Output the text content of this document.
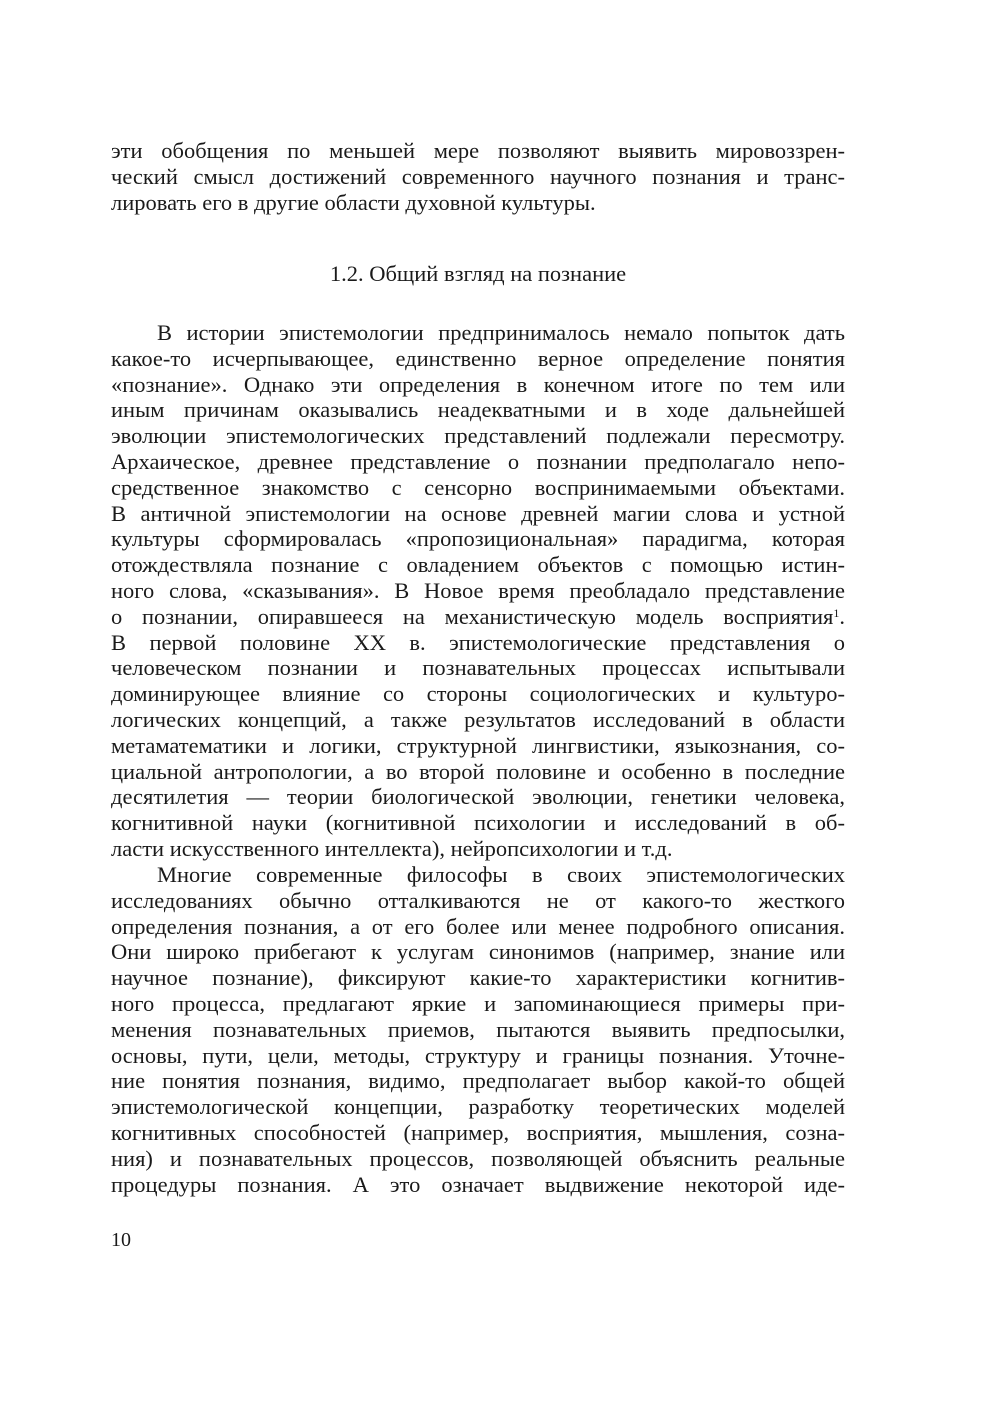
эти обобщения по меньшей мере позволяют выявить мировоззрен-
ческий смысл достижений современного научного познания и транс-
лировать его в другие области духовной культуры.
1.2. Общий взгляд на познание
В истории эпистемологии предпринималось немало попыток дать
какое-то исчерпывающее, единственно верное определение понятия
«познание». Однако эти определения в конечном итоге по тем или
иным причинам оказывались неадекватными и в ходе дальнейшей
эволюции эпистемологических представлений подлежали пересмотру.
Архаическое, древнее представление о познании предполагало непо-
средственное знакомство с сенсорно воспринимаемыми объектами.
В античной эпистемологии на основе древней магии слова и устной
культуры сформировалась «пропозициональная» парадигма, которая
отождествляла познание с овладением объектов с помощью истин-
ного слова, «сказывания». В Новое время преобладало представление
о познании, опиравшееся на механистическую модель восприятия$^1$.
В первой половине XX в. эпистемологические представления о
человеческом познании и познавательных процессах испытывали
доминирующее влияние со стороны социологических и культуро-
логических концепций, а также результатов исследований в области
метаматематики и логики, структурной лингвистики, языкознания, со-
циальной антропологии, а во второй половине и особенно в последние
десятилетия — теории биологической эволюции, генетики человека,
когнитивной науки (когнитивной психологии и исследований в об-
ласти искусственного интеллекта), нейропсихологии и т.д.
Многие современные философы в своих эпистемологических
исследованиях обычно отталкиваются не от какого-то жесткого
определения познания, а от его более или менее подробного описания.
Они широко прибегают к услугам синонимов (например, знание или
научное познание), фиксируют какие-то характеристики когнитив-
ного процесса, предлагают яркие и запоминающиеся примеры при-
менения познавательных приемов, пытаются выявить предпосылки,
основы, пути, цели, методы, структуру и границы познания. Уточне-
ние понятия познания, видимо, предполагает выбор какой-то общей
эпистемологической концепции, разработку теоретических моделей
когнитивных способностей (например, восприятия, мышления, созна-
ния) и познавательных процессов, позволяющей объяснить реальные
процедуры познания. А это означает выдвижение некоторой иде-
10
